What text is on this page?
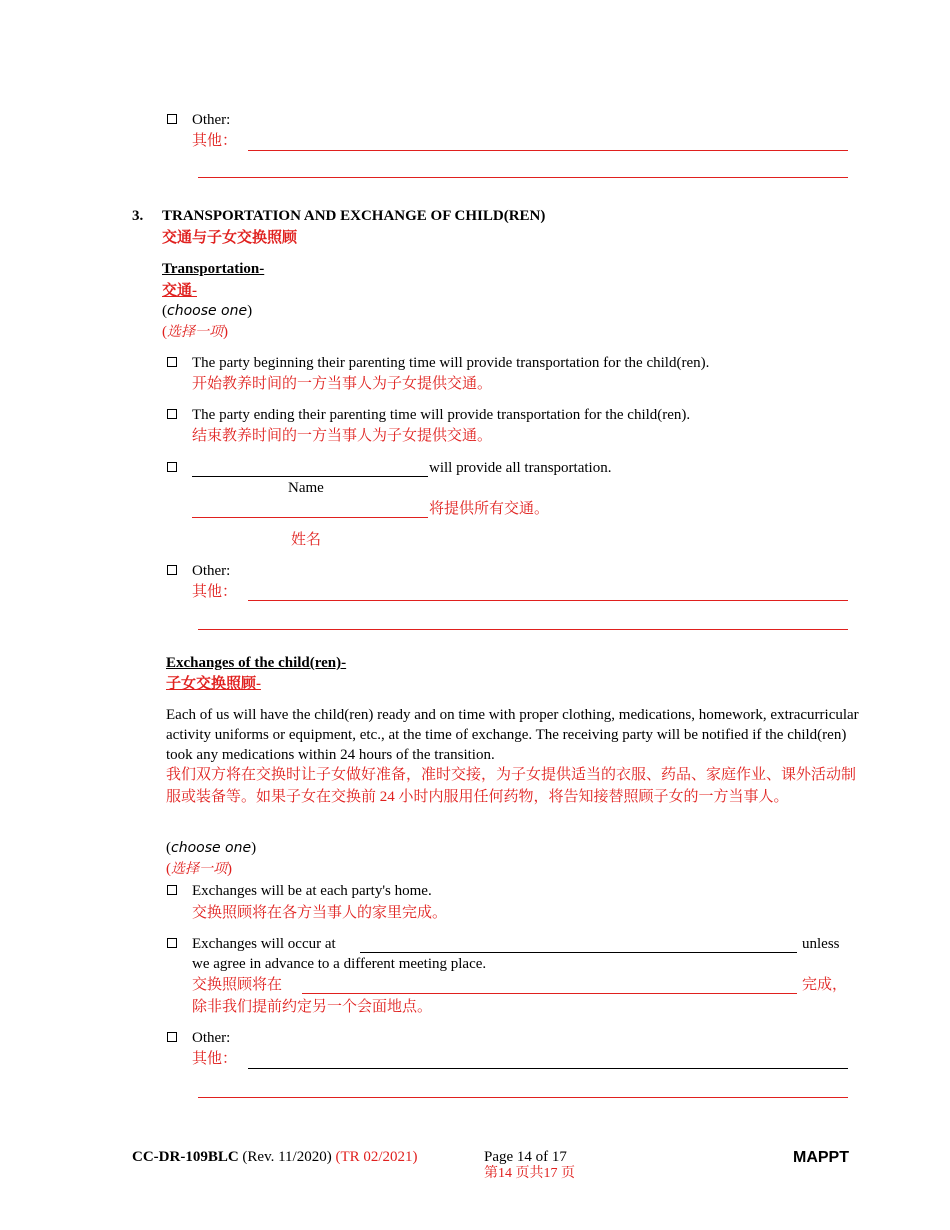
Other:
其他：
3. TRANSPORTATION AND EXCHANGE OF CHILD(REN)
交通与子女交换照顾
Transportation-
交通-
(choose one)
(选择一项)
The party beginning their parenting time will provide transportation for the child(ren).
开始教养时间的一方当事人为子女提供交通。
The party ending their parenting time will provide transportation for the child(ren).
结束教养时间的一方当事人为子女提供交通。
will provide all transportation.
Name
将提供所有交通。
姓名
Other:
其他：
Exchanges of the child(ren)-
子女交换照顾-
Each of us will have the child(ren) ready and on time with proper clothing, medications, homework, extracurricular activity uniforms or equipment, etc., at the time of exchange. The receiving party will be notified if the child(ren) took any medications within 24 hours of the transition.
我们双方将在交换时让子女做好准备，准时交接，为子女提供适当的衣服、药品、家庭作业、课外活动制服或装备等。如果子女在交换前 24 小时内服用任何药物，将告知接替照顾子女的一方当事人。
(choose one)
(选择一项)
Exchanges will be at each party's home.
交换照顾将在各方当事人的家里完成。
Exchanges will occur at	unless
we agree in advance to a different meeting place.
交换照顾将在	完成，
除非我们提前约定另一个会面地点。
Other:
其他：
CC-DR-109BLC (Rev. 11/2020) (TR 02/2021)	Page 14 of 17
第14 页共17 页
MAPPT
